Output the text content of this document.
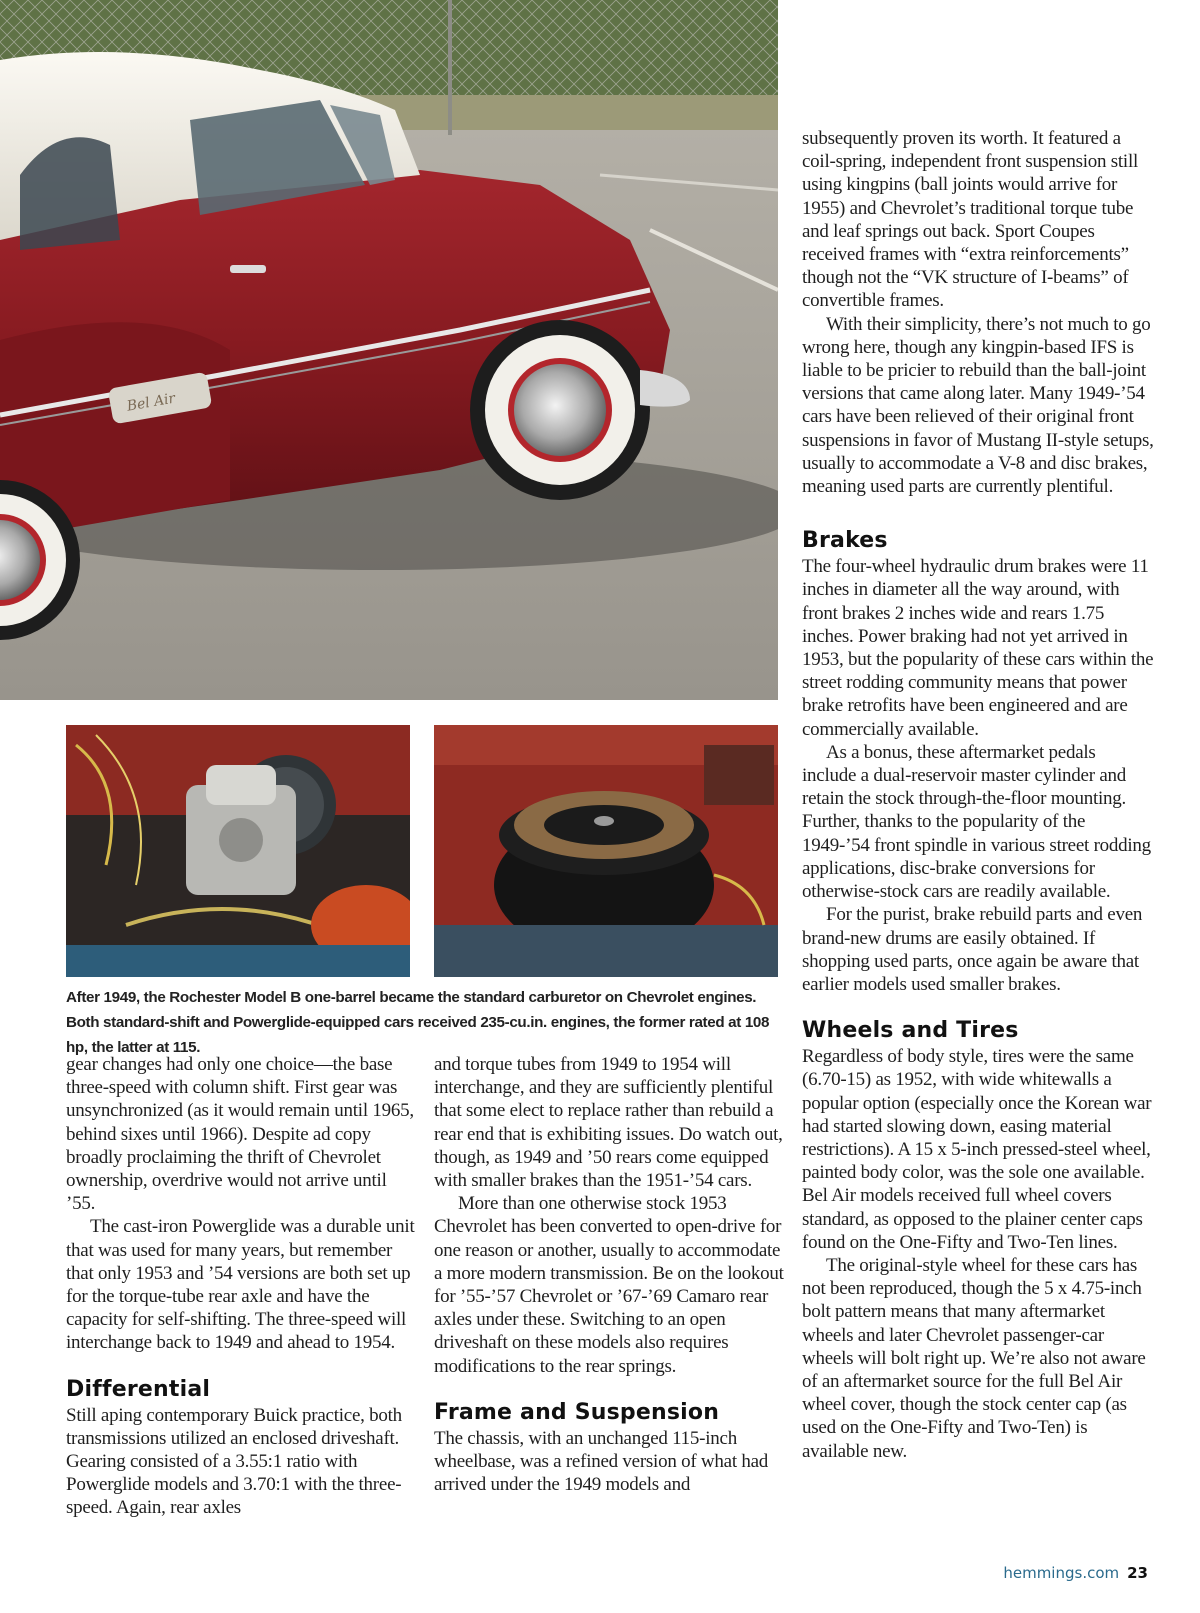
Bel Air

After 1949, the Rochester Model B one-barrel became the standard carburetor on Chevrolet engines. Both standard-shift and Powerglide-equipped cars received 235-cu.in. engines, the former rated at 108 hp, the latter at 115.

gear changes had only one choice—the base three-speed with column shift. First gear was unsynchronized (as it would remain until 1965, behind sixes until 1966). Despite ad copy broadly proclaiming the thrift of Chevrolet ownership, overdrive would not arrive until ’55.

The cast-iron Powerglide was a durable unit that was used for many years, but remember that only 1953 and ’54 versions are both set up for the torque-tube rear axle and have the capacity for self-shifting. The three-speed will interchange back to 1949 and ahead to 1954.

Differential

Still aping contemporary Buick practice, both transmissions utilized an enclosed driveshaft. Gearing consisted of a 3.55:1 ratio with Powerglide models and 3.70:1 with the three-speed. Again, rear axles

and torque tubes from 1949 to 1954 will interchange, and they are sufficiently plentiful that some elect to replace rather than rebuild a rear end that is exhibiting issues. Do watch out, though, as 1949 and ’50 rears come equipped with smaller brakes than the 1951-’54 cars.

More than one otherwise stock 1953 Chevrolet has been converted to open-drive for one reason or another, usually to accommodate a more modern transmission. Be on the lookout for ’55-’57 Chevrolet or ’67-’69 Camaro rear axles under these. Switching to an open driveshaft on these models also requires modifications to the rear springs.

Frame and Suspension

The chassis, with an unchanged 115-inch wheelbase, was a refined version of what had arrived under the 1949 models and

subsequently proven its worth. It featured a coil-spring, independent front suspension still using kingpins (ball joints would arrive for 1955) and Chevrolet’s traditional torque tube and leaf springs out back. Sport Coupes received frames with “extra reinforcements” though not the “VK structure of I-beams” of convertible frames.

With their simplicity, there’s not much to go wrong here, though any kingpin-based IFS is liable to be pricier to rebuild than the ball-joint versions that came along later. Many 1949-’54 cars have been relieved of their original front suspensions in favor of Mustang II-style setups, usually to accommodate a V-8 and disc brakes, meaning used parts are currently plentiful.

Brakes

The four-wheel hydraulic drum brakes were 11 inches in diameter all the way around, with front brakes 2 inches wide and rears 1.75 inches. Power braking had not yet arrived in 1953, but the popularity of these cars within the street rodding community means that power brake retrofits have been engineered and are commercially available.

As a bonus, these aftermarket pedals include a dual-reservoir master cylinder and retain the stock through-the-floor mounting. Further, thanks to the popularity of the 1949-’54 front spindle in various street rodding applications, disc-brake conversions for otherwise-stock cars are readily available.

For the purist, brake rebuild parts and even brand-new drums are easily obtained. If shopping used parts, once again be aware that earlier models used smaller brakes.

Wheels and Tires

Regardless of body style, tires were the same (6.70-15) as 1952, with wide whitewalls a popular option (especially once the Korean war had started slowing down, easing material restrictions). A 15 x 5-inch pressed-steel wheel, painted body color, was the sole one available. Bel Air models received full wheel covers standard, as opposed to the plainer center caps found on the One-Fifty and Two-Ten lines.

The original-style wheel for these cars has not been reproduced, though the 5 x 4.75-inch bolt pattern means that many aftermarket wheels and later Chevrolet passenger-car wheels will bolt right up. We’re also not aware of an aftermarket source for the full Bel Air wheel cover, though the stock center cap (as used on the One-Fifty and Two-Ten) is available new.

hemmings.com 23
